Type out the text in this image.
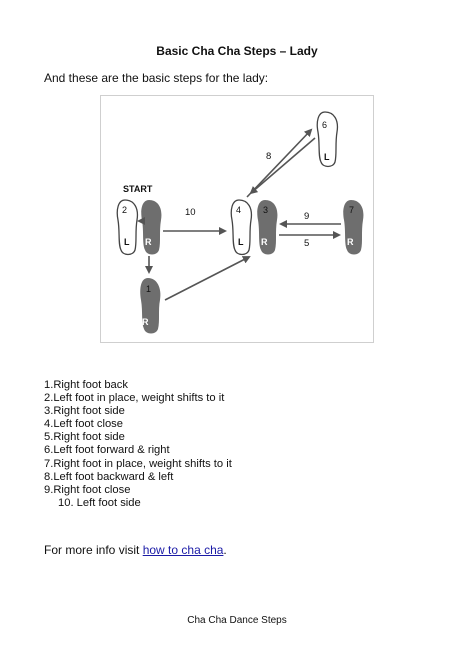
Basic Cha Cha Steps – Lady
And these are the basic steps for the lady:
START
2
L R
4
L
3
R
7
R
6
L
1
R
10	9
5
8
1.Right foot back
2.Left foot in place, weight shifts to it
3.Right foot side
4.Left foot close
5.Right foot side
6.Left foot forward & right
7.Right foot in place, weight shifts to it
8.Left foot backward & left
9.Right foot close
10. Left foot side
For more info visit how to cha cha.
Cha Cha Dance Steps
